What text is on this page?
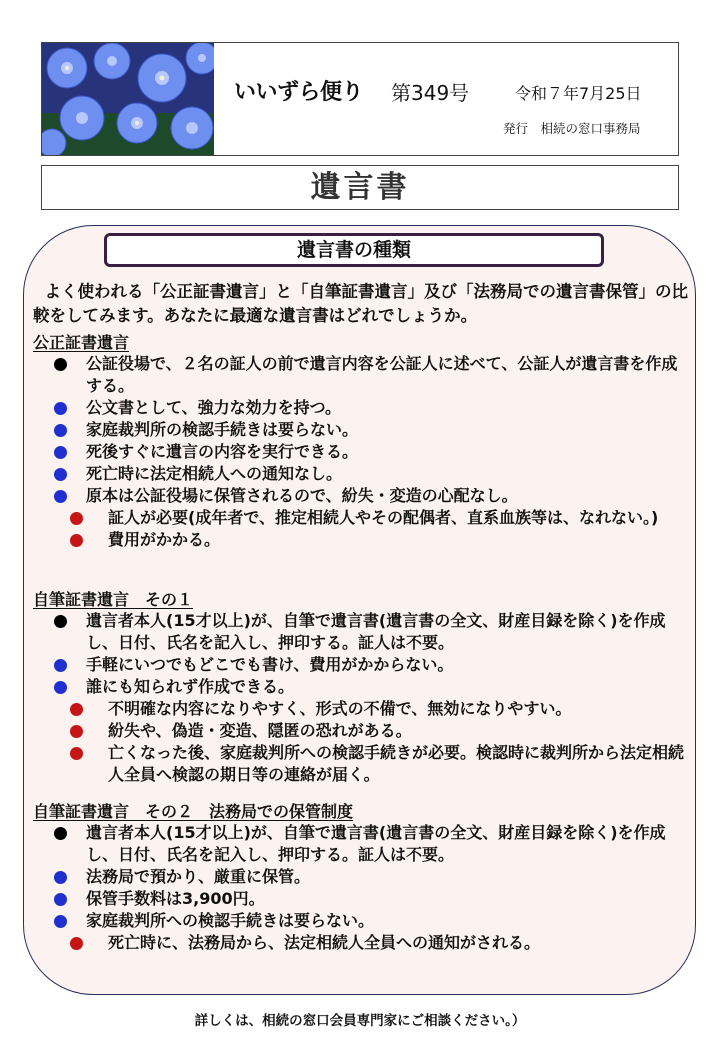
いいずら便り 第349号	令和７年7月25日
発行　相続の窓口事務局
遺言書
遺言書の種類

よく使われる「公正証書遺言」と「自筆証書遺言」及び「法務局での遺言書保管」の比較をしてみます。あなたに最適な遺言書はどれでしょうか。

公正証書遺言

公証役場で、２名の証人の前で遺言内容を公証人に述べて、公証人が遺言書を作成する。
公文書として、強力な効力を持つ。
家庭裁判所の検認手続きは要らない。
死後すぐに遺言の内容を実行できる。
死亡時に法定相続人への通知なし。
原本は公証役場に保管されるので、紛失・変造の心配なし。
証人が必要(成年者で、推定相続人やその配偶者、直系血族等は、なれない。)
費用がかかる。

自筆証書遺言　その１

遺言者本人(15才以上)が、自筆で遺言書(遺言書の全文、財産目録を除く)を作成し、日付、氏名を記入し、押印する。証人は不要。
手軽にいつでもどこでも書け、費用がかからない。
誰にも知られず作成できる。
不明確な内容になりやすく、形式の不備で、無効になりやすい。
紛失や、偽造・変造、隠匿の恐れがある。
亡くなった後、家庭裁判所への検認手続きが必要。検認時に裁判所から法定相続人全員へ検認の期日等の連絡が届く。

自筆証書遺言　その２　法務局での保管制度

遺言者本人(15才以上)が、自筆で遺言書(遺言書の全文、財産目録を除く)を作成し、日付、氏名を記入し、押印する。証人は不要。
法務局で預かり、厳重に保管。
保管手数料は3,900円。
家庭裁判所への検認手続きは要らない。
死亡時に、法務局から、法定相続人全員への通知がされる。
詳しくは、相続の窓口会員専門家にご相談ください。）
